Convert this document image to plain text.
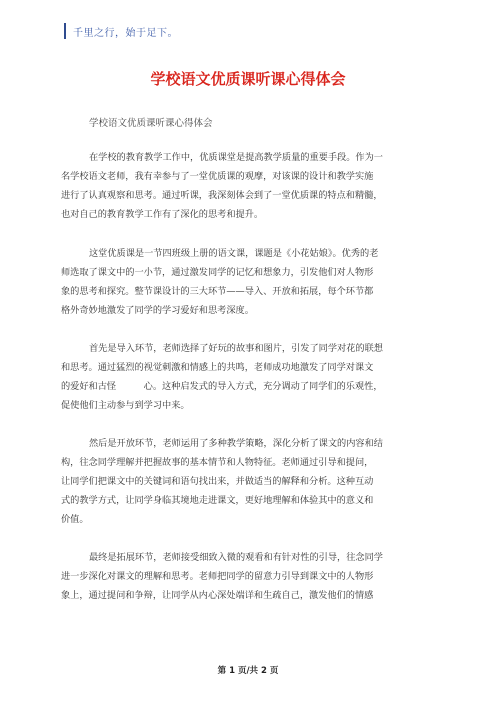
千里之行，始于足下。
学校语文优质课听课心得体会
学校语文优质课听课心得体会
在学校的教育教学工作中，优质课堂是提高教学质量的重要手段。作为一
名学校语文老师，我有幸参与了一堂优质课的观摩，对该课的设计和教学实施
进行了认真观察和思考。通过听课，我深刻体会到了一堂优质课的特点和精髓，
也对自己的教育教学工作有了深化的思考和提升。
这堂优质课是一节四班级上册的语文课，课题是《小花姑娘》。优秀的老
师选取了课文中的一小节，通过激发同学的记忆和想象力，引发他们对人物形
象的思考和探究。整节课设计的三大环节——导入、开放和拓展，每个环节都
格外奇妙地激发了同学的学习爱好和思考深度。
首先是导入环节，老师选择了好玩的故事和图片，引发了同学对花的联想
和思考。通过猛烈的视觉刺激和情感上的共鸣，老师成功地激发了同学对课文
的爱好和古怪　　　心。这种启发式的导入方式，充分调动了同学们的乐观性，
促使他们主动参与到学习中来。
然后是开放环节，老师运用了多种教学策略，深化分析了课文的内容和结
构，往念同学理解并把握故事的基本情节和人物特征。老师通过引导和提问，
让同学们把课文中的关键词和语句找出来，并做适当的解释和分析。这种互动
式的教学方式，让同学身临其境地走进课文，更好地理解和体验其中的意义和
价值。
最终是拓展环节，老师接受细致入微的观看和有针对性的引导，往念同学
进一步深化对课文的理解和思考。老师把同学的留意力引导到课文中的人物形
象上，通过提问和争辩，让同学从内心深处端详和生疏自己，激发他们的情感
第 1 页/共 2 页
